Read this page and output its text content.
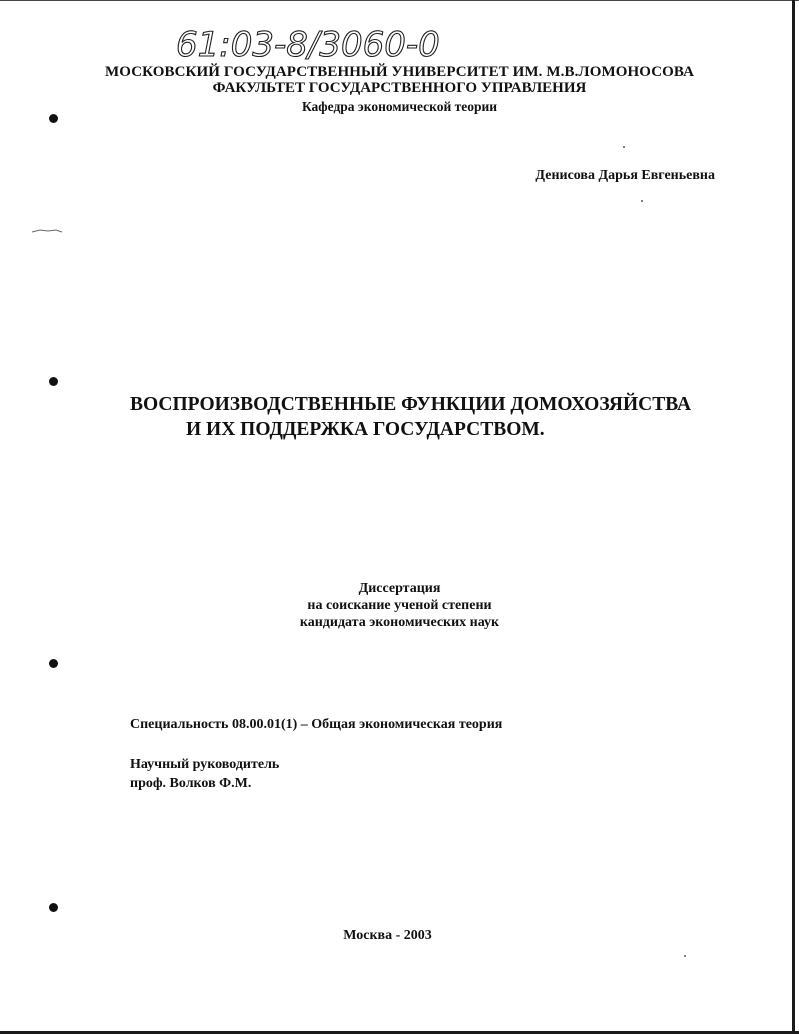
61:03-8/3060-0
МОСКОВСКИЙ ГОСУДАРСТВЕННЫЙ УНИВЕРСИТЕТ ИМ. М.В.ЛОМОНОСОВА
ФАКУЛЬТЕТ ГОСУДАРСТВЕННОГО УПРАВЛЕНИЯ
Кафедра экономической теории
Денисова Дарья Евгеньевна
ВОСПРОИЗВОДСТВЕННЫЕ ФУНКЦИИ ДОМОХОЗЯЙСТВА
И ИХ ПОДДЕРЖКА ГОСУДАРСТВОМ.
Диссертация
на соискание ученой степени
кандидата экономических наук
Специальность 08.00.01(1) – Общая экономическая теория
Научный руководитель
проф. Волков Ф.М.
Москва - 2003
